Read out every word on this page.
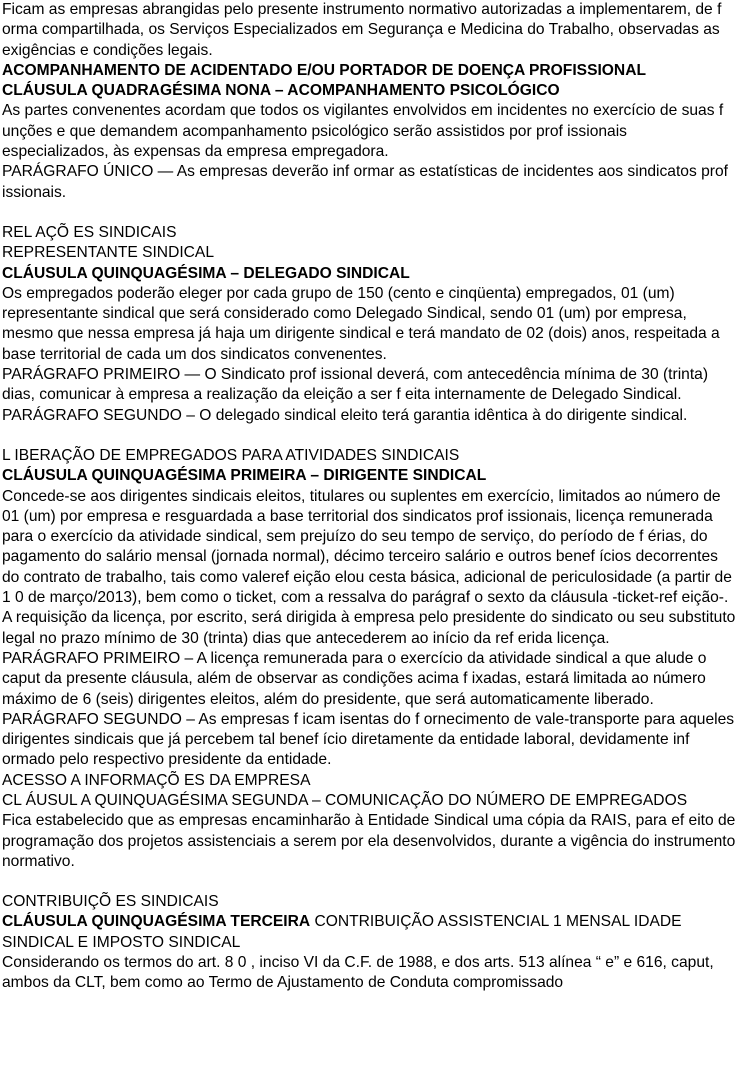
Ficam as empresas abrangidas pelo presente instrumento normativo autorizadas a implementarem, de f orma compartilhada, os Serviços Especializados em Segurança e Medicina do Trabalho, observadas as exigências e condições legais.

ACOMPANHAMENTO DE ACIDENTADO E/OU PORTADOR DE DOENÇA PROFISSIONAL

CLÁUSULA QUADRAGÉSIMA NONA – ACOMPANHAMENTO PSICOLÓGICO

As partes convenentes acordam que todos os vigilantes envolvidos em incidentes no exercício de suas f unções e que demandem acompanhamento psicológico serão assistidos por prof issionais especializados, às expensas da empresa empregadora.

PARÁGRAFO ÚNICO — As empresas deverão inf ormar as estatísticas de incidentes aos sindicatos prof issionais.

REL AÇÕ ES SINDICAIS

REPRESENTANTE SINDICAL

CLÁUSULA QUINQUAGÉSIMA – DELEGADO SINDICAL

Os empregados poderão eleger por cada grupo de 150 (cento e cinqüenta) empregados, 01 (um) representante sindical que será considerado como Delegado Sindical, sendo 01 (um) por empresa, mesmo que nessa empresa já haja um dirigente sindical e terá mandato de 02 (dois) anos, respeitada a base territorial de cada um dos sindicatos convenentes.

PARÁGRAFO PRIMEIRO — O Sindicato prof issional deverá, com antecedência mínima de 30 (trinta) dias, comunicar à empresa a realização da eleição a ser f eita internamente de Delegado Sindical.

PARÁGRAFO SEGUNDO – O delegado sindical eleito terá garantia idêntica à do dirigente sindical.

L IBERAÇÃO DE EMPREGADOS PARA ATIVIDADES SINDICAIS

CLÁUSULA QUINQUAGÉSIMA PRIMEIRA – DIRIGENTE SINDICAL

Concede-se aos dirigentes sindicais eleitos, titulares ou suplentes em exercício, limitados ao número de 01 (um) por empresa e resguardada a base territorial dos sindicatos prof issionais, licença remunerada para o exercício da atividade sindical, sem prejuízo do seu tempo de serviço, do período de f érias, do pagamento do salário mensal (jornada normal), décimo terceiro salário e outros benef ícios decorrentes do contrato de trabalho, tais como valeref eição elou cesta básica, adicional de periculosidade (a partir de 1 0 de março/2013), bem como o ticket, com a ressalva do parágraf o sexto da cláusula -ticket-ref eição-. A requisição da licença, por escrito, será dirigida à empresa pelo presidente do sindicato ou seu substituto legal no prazo mínimo de 30 (trinta) dias que antecederem ao início da ref erida licença.

PARÁGRAFO PRIMEIRO – A licença remunerada para o exercício da atividade sindical a que alude o caput da presente cláusula, além de observar as condições acima f ixadas, estará limitada ao número máximo de 6 (seis) dirigentes eleitos, além do presidente, que será automaticamente liberado.

PARÁGRAFO SEGUNDO – As empresas f icam isentas do f ornecimento de vale-transporte para aqueles dirigentes sindicais que já percebem tal benef ício diretamente da entidade laboral, devidamente inf ormado pelo respectivo presidente da entidade.

ACESSO A INFORMAÇÕ ES DA EMPRESA

CL ÁUSUL A QUINQUAGÉSIMA SEGUNDA – COMUNICAÇÃO DO NÚMERO DE EMPREGADOS

Fica estabelecido que as empresas encaminharão à Entidade Sindical uma cópia da RAIS, para ef eito de programação dos projetos assistenciais a serem por ela desenvolvidos, durante a vigência do instrumento normativo.

CONTRIBUIÇÕ ES SINDICAIS

CLÁUSULA QUINQUAGÉSIMA TERCEIRA CONTRIBUIÇÃO ASSISTENCIAL 1 MENSAL IDADE SINDICAL E IMPOSTO SINDICAL

Considerando os termos do art. 8 0 , inciso VI da C.F. de 1988, e dos arts. 513 alínea “ e” e 616, caput, ambos da CLT, bem como ao Termo de Ajustamento de Conduta compromissado
